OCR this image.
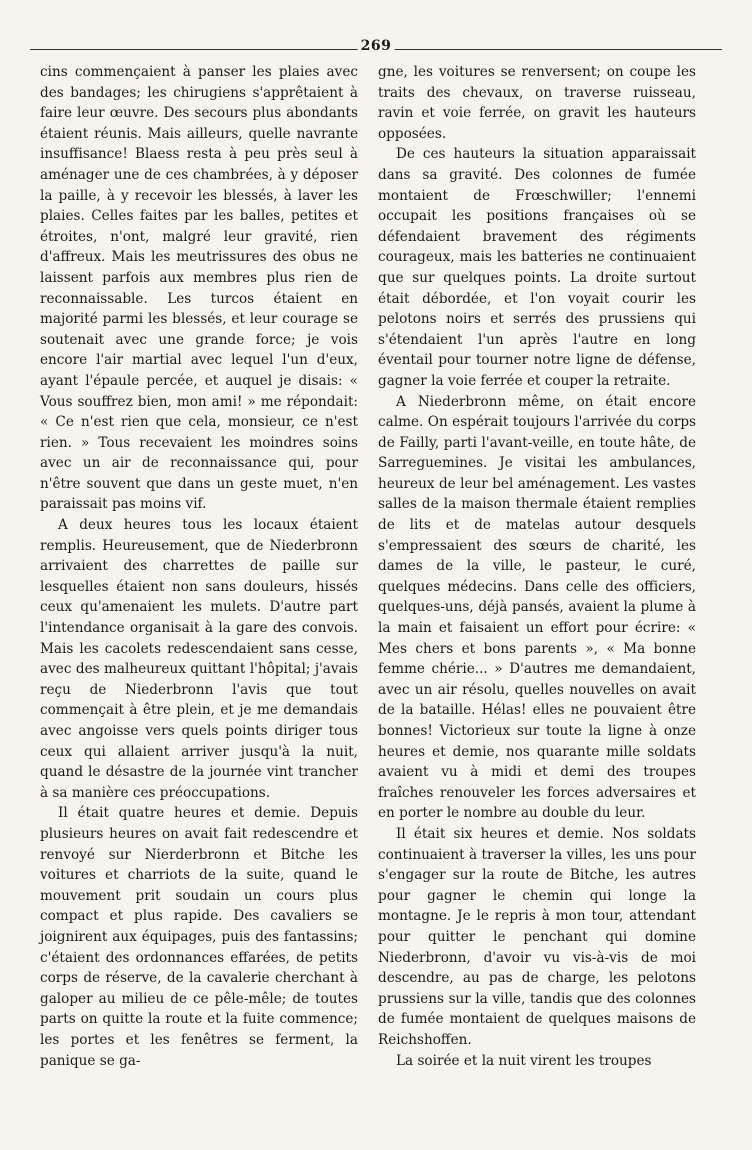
269

cins commençaient à panser les plaies avec des bandages; les chirugiens s'apprêtaient à faire leur œuvre. Des secours plus abondants étaient réunis. Mais ailleurs, quelle navrante insuffisance! Blaess resta à peu près seul à aménager une de ces chambrées, à y déposer la paille, à y recevoir les blessés, à laver les plaies. Celles faites par les balles, petites et étroites, n'ont, malgré leur gravité, rien d'affreux. Mais les meutrissures des obus ne laissent parfois aux membres plus rien de reconnaissable. Les turcos étaient en majorité parmi les blessés, et leur courage se soutenait avec une grande force; je vois encore l'air martial avec lequel l'un d'eux, ayant l'épaule percée, et auquel je disais: « Vous souffrez bien, mon ami! » me répondait: « Ce n'est rien que cela, monsieur, ce n'est rien. » Tous recevaient les moindres soins avec un air de reconnaissance qui, pour n'être souvent que dans un geste muet, n'en paraissait pas moins vif.

A deux heures tous les locaux étaient remplis. Heureusement, que de Niederbronn arrivaient des charrettes de paille sur lesquelles étaient non sans douleurs, hissés ceux qu'amenaient les mulets. D'autre part l'intendance organisait à la gare des convois. Mais les cacolets redescendaient sans cesse, avec des malheureux quittant l'hôpital; j'avais reçu de Niederbronn l'avis que tout commençait à être plein, et je me demandais avec angoisse vers quels points diriger tous ceux qui allaient arriver jusqu'à la nuit, quand le désastre de la journée vint trancher à sa manière ces préoccupations.

Il était quatre heures et demie. Depuis plusieurs heures on avait fait redescendre et renvoyé sur Nierderbronn et Bitche les voitures et charriots de la suite, quand le mouvement prit soudain un cours plus compact et plus rapide. Des cavaliers se joignirent aux équipages, puis des fantassins; c'étaient des ordonnances effarées, de petits corps de réserve, de la cavalerie cherchant à galoper au milieu de ce pêle-mêle; de toutes parts on quitte la route et la fuite commence; les portes et les fenêtres se ferment, la panique se ga-

gne, les voitures se renversent; on coupe les traits des chevaux, on traverse ruisseau, ravin et voie ferrée, on gravit les hauteurs opposées.

De ces hauteurs la situation apparaissait dans sa gravité. Des colonnes de fumée montaient de Frœschwiller; l'ennemi occupait les positions françaises où se défendaient bravement des régiments courageux, mais les batteries ne continuaient que sur quelques points. La droite surtout était débordée, et l'on voyait courir les pelotons noirs et serrés des prussiens qui s'étendaient l'un après l'autre en long éventail pour tourner notre ligne de défense, gagner la voie ferrée et couper la retraite.

A Niederbronn même, on était encore calme. On espérait toujours l'arrivée du corps de Failly, parti l'avant-veille, en toute hâte, de Sarreguemines. Je visitai les ambulances, heureux de leur bel aménagement. Les vastes salles de la maison thermale étaient remplies de lits et de matelas autour desquels s'empressaient des sœurs de charité, les dames de la ville, le pasteur, le curé, quelques médecins. Dans celle des officiers, quelques-uns, déjà pansés, avaient la plume à la main et faisaient un effort pour écrire: « Mes chers et bons parents », « Ma bonne femme chérie... » D'autres me demandaient, avec un air résolu, quelles nouvelles on avait de la bataille. Hélas! elles ne pouvaient être bonnes! Victorieux sur toute la ligne à onze heures et demie, nos quarante mille soldats avaient vu à midi et demi des troupes fraîches renouveler les forces adversaires et en porter le nombre au double du leur.

Il était six heures et demie. Nos soldats continuaient à traverser la villes, les uns pour s'engager sur la route de Bitche, les autres pour gagner le chemin qui longe la montagne. Je le repris à mon tour, attendant pour quitter le penchant qui domine Niederbronn, d'avoir vu vis-à-vis de moi descendre, au pas de charge, les pelotons prussiens sur la ville, tandis que des colonnes de fumée montaient de quelques maisons de Reichshoffen.

La soirée et la nuit virent les troupes
